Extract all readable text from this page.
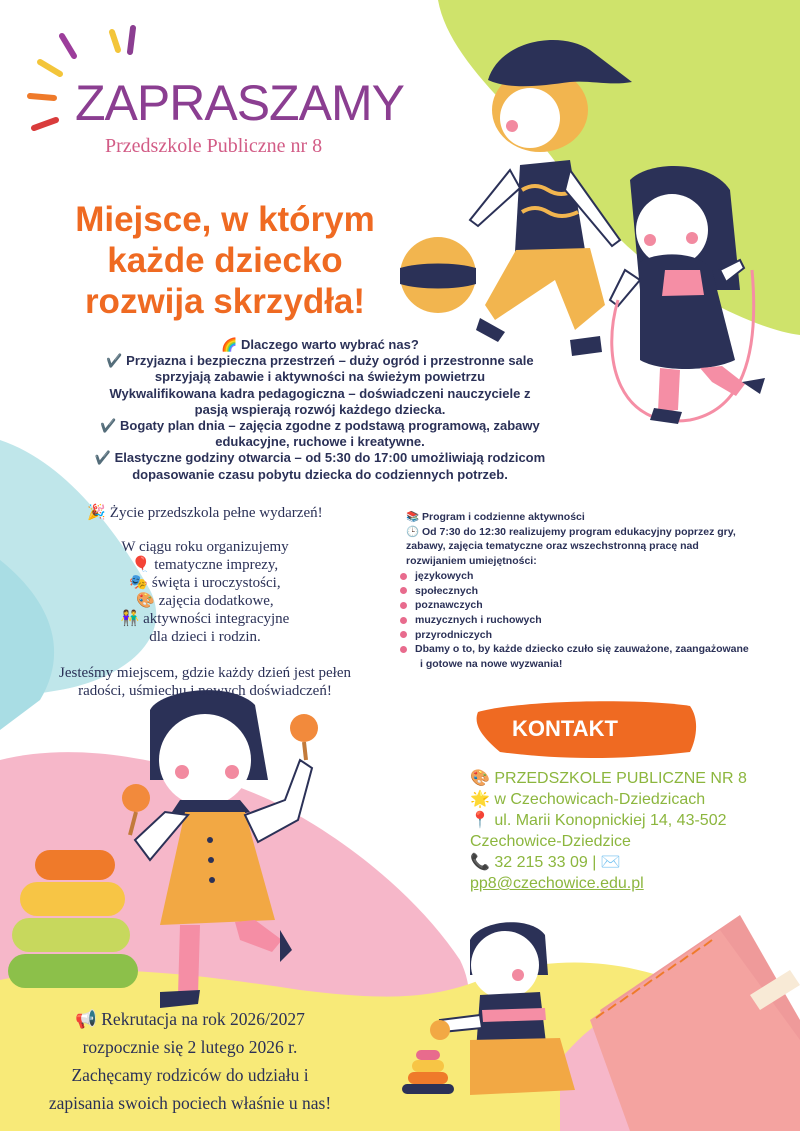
ZAPRASZAMY
Przedszkole Publiczne nr 8
Miejsce, w którym
każde dziecko
rozwija skrzydła!
🌈 Dlaczego warto wybrać nas?
✔️ Przyjazna i bezpieczna przestrzeń – duży ogród i przestronne sale
sprzyjają zabawie i aktywności na świeżym powietrzu
Wykwalifikowana kadra pedagogiczna – doświadczeni nauczyciele z
pasją wspierają rozwój każdego dziecka.
✔️ Bogaty plan dnia – zajęcia zgodne z podstawą programową, zabawy
edukacyjne, ruchowe i kreatywne.
✔️ Elastyczne godziny otwarcia – od 5:30 do 17:00 umożliwiają rodzicom
dopasowanie czasu pobytu dziecka do codziennych potrzeb.
🎉 Życie przedszkola pełne wydarzeń!
W ciągu roku organizujemy
🎈 tematyczne imprezy,
🎭 święta i uroczystości,
🎨 zajęcia dodatkowe,
👫 aktywności integracyjne
dla dzieci i rodzin.
Jesteśmy miejscem, gdzie każdy dzień jest pełen
radości, uśmiechu i nowych doświadczeń!
📚 Program i codzienne aktywności
🕒 Od 7:30 do 12:30 realizujemy program edukacyjny poprzez gry,
zabawy, zajęcia tematyczne oraz wszechstronną pracę nad
rozwijaniem umiejętności:
językowych
społecznych
poznawczych
muzycznych i ruchowych
przyrodniczych
Dbamy o to, by każde dziecko czuło się zauważone, zaangażowane
i gotowe na nowe wyzwania!
KONTAKT
🎨 PRZEDSZKOLE PUBLICZNE NR 8
🌟 w Czechowicach-Dziedzicach
📍 ul. Marii Konopnickiej 14, 43-502
Czechowice-Dziedzice
📞 32 215 33 09 | ✉️
pp8@czechowice.edu.pl
📢 Rekrutacja na rok 2026/2027
rozpocznie się 2 lutego 2026 r.
Zachęcamy rodziców do udziału i
zapisania swoich pociech właśnie u nas!
